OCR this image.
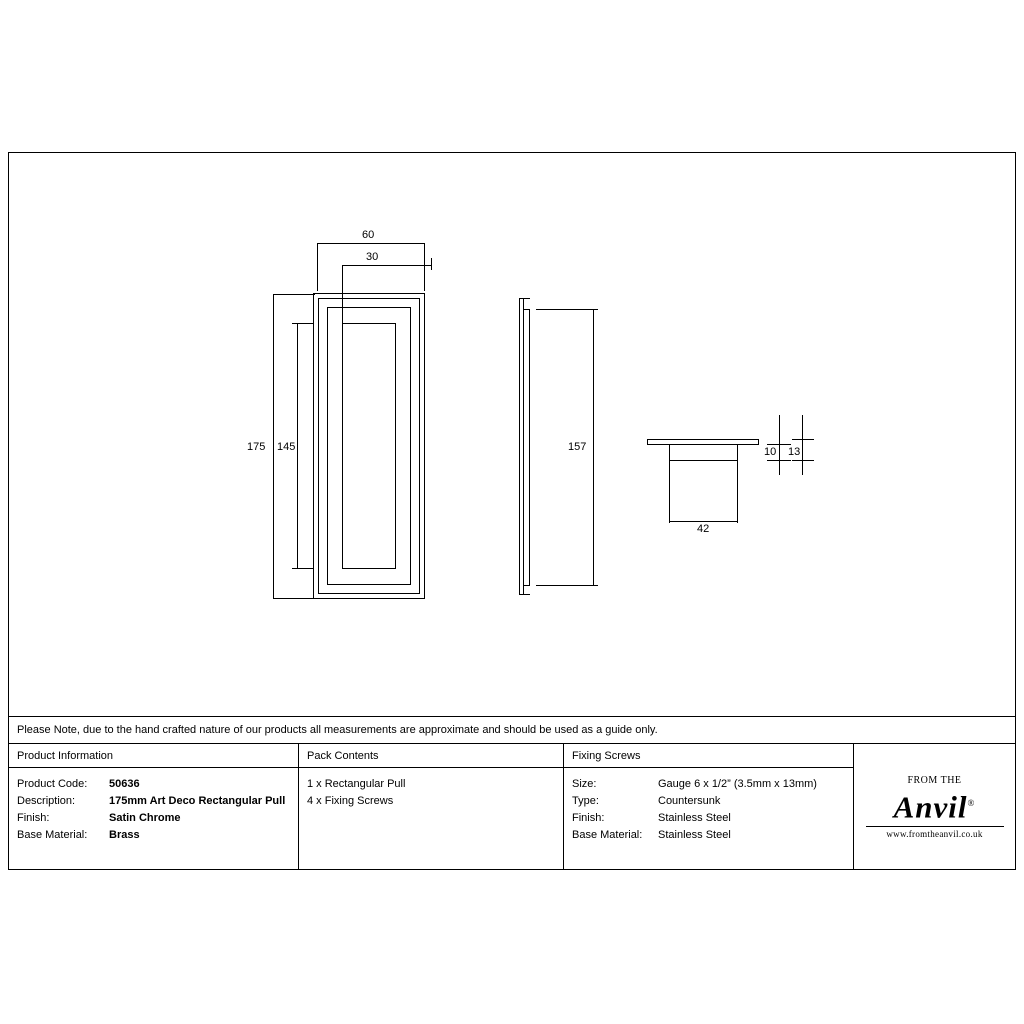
60
30
175 145	157	10 13
42
Please Note, due to the hand crafted nature of our products all measurements are approximate and should be used as a guide only.
Product Information
Product Code:	50636
Description:	175mm Art Deco Rectangular Pull
Finish:	Satin Chrome
Base Material:	Brass
Pack Contents
1 x Rectangular Pull
4 x Fixing Screws
Fixing Screws
Size:	Gauge 6 x 1/2” (3.5mm x 13mm)
Type:	Countersunk
Finish:	Stainless Steel
Base Material:	Stainless Steel
FROM THE
Anvil®
www.fromtheanvil.co.uk
